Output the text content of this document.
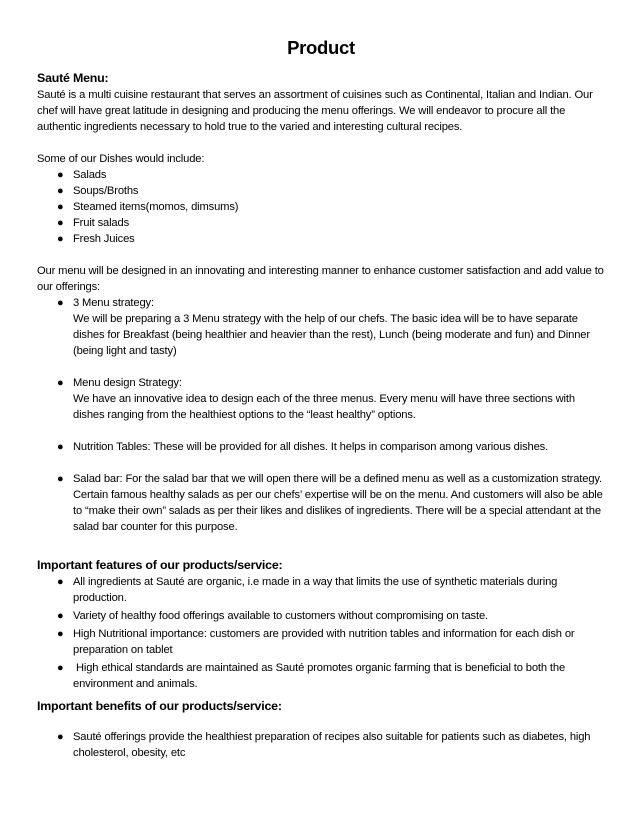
Product
Sauté Menu:

Sauté is a multi cuisine restaurant that serves an assortment of cuisines such as Continental, Italian and Indian. Our chef will have great latitude in designing and producing the menu offerings. We will endeavor to procure all the authentic ingredients necessary to hold true to the varied and interesting cultural recipes.

Some of our Dishes would include:

● Salads
● Soups/Broths
● Steamed items(momos, dimsums)
● Fruit salads
● Fresh Juices

Our menu will be designed in an innovating and interesting manner to enhance customer satisfaction and add value to our offerings:

● 3 Menu strategy:
We will be preparing a 3 Menu strategy with the help of our chefs. The basic idea will be to have separate dishes for Breakfast (being healthier and heavier than the rest), Lunch (being moderate and fun) and Dinner (being light and tasty)
● Menu design Strategy:
We have an innovative idea to design each of the three menus. Every menu will have three sections with dishes ranging from the healthiest options to the “least healthy” options.
● Nutrition Tables: These will be provided for all dishes. It helps in comparison among various dishes.
● Salad bar: For the salad bar that we will open there will be a defined menu as well as a customization strategy. Certain famous healthy salads as per our chefs’ expertise will be on the menu. And customers will also be able to “make their own” salads as per their likes and dislikes of ingredients. There will be a special attendant at the salad bar counter for this purpose.
Important features of our products/service:
● All ingredients at Sauté are organic, i.e made in a way that limits the use of synthetic materials during production.
● Variety of healthy food offerings available to customers without compromising on taste.
● High Nutritional importance: customers are provided with nutrition tables and information for each dish or preparation on tablet
● High ethical standards are maintained as Sauté promotes organic farming that is beneficial to both the environment and animals.
Important benefits of our products/service:
● Sauté offerings provide the healthiest preparation of recipes also suitable for patients such as diabetes, high cholesterol, obesity, etc
